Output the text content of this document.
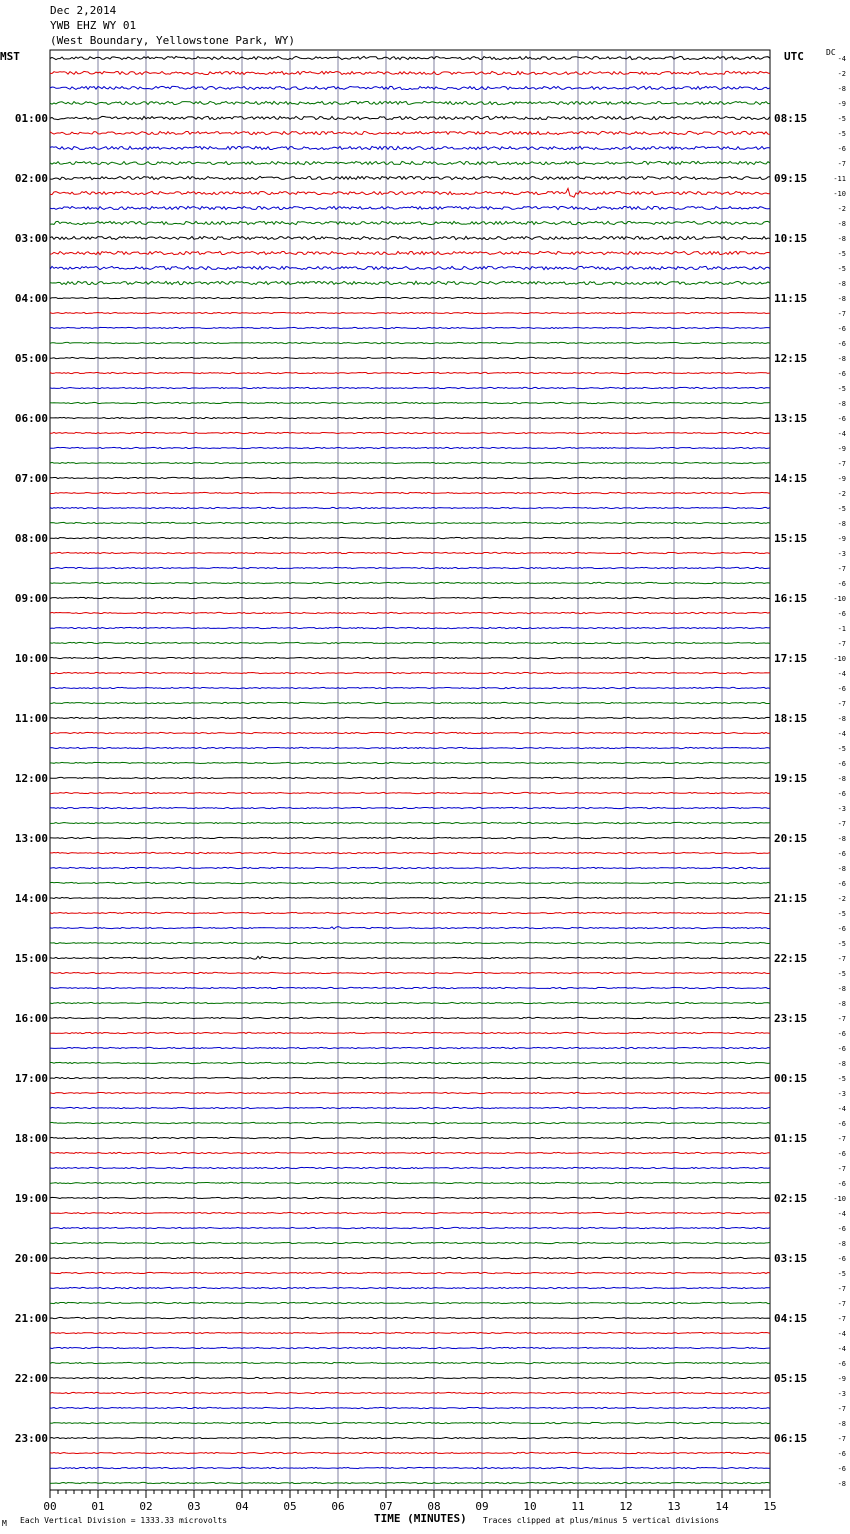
01:00
02:00
03:00
04:00
05:00
06:00
07:00
08:00
09:00
10:00
11:00
12:00
13:00
14:00
15:00
16:00
17:00
18:00
19:00
20:00
21:00
22:00
23:00
08:15
09:15
10:15
11:15
12:15
13:15
14:15
15:15
16:15
17:15
18:15
19:15
20:15
21:15
22:15
23:15
00:15
01:15
02:15
03:15
04:15
05:15
06:15
-4
-2
-8
-9
-5
-5
-6
-7
-11
-10
-2
-8
-8
-5
-5
-8
-8
-7
-6
-6
-8
-6
-5
-8
-6
-4
-9
-7
-9
-2
-5
-8
-9
-3
-7
-6
-10
-6
-1
-7
-10
-4
-6
-7
-8
-4
-5
-6
-8
-6
-3
-7
-8
-6
-8
-6
-2
-5
-6
-5
-7
-5
-8
-8
-7
-6
-6
-8
-5
-3
-4
-6
-7
-6
-7
-6
-10
-4
-6
-8
-6
-5
-7
-7
-7
-4
-4
-6
-9
-3
-7
-8
-7
-6
-6
-8
00	01	02	03	04	05	06	07	08	09	10	11	12	13	14	15
Dec 2,2014
YWB EHZ WY 01
(West Boundary, Yellowstone Park, WY)
MST	UTC	DC
M Each Vertical Division = 1333.33 microvolts	TIME (MINUTES) Traces clipped at plus/minus 5 vertical divisions
